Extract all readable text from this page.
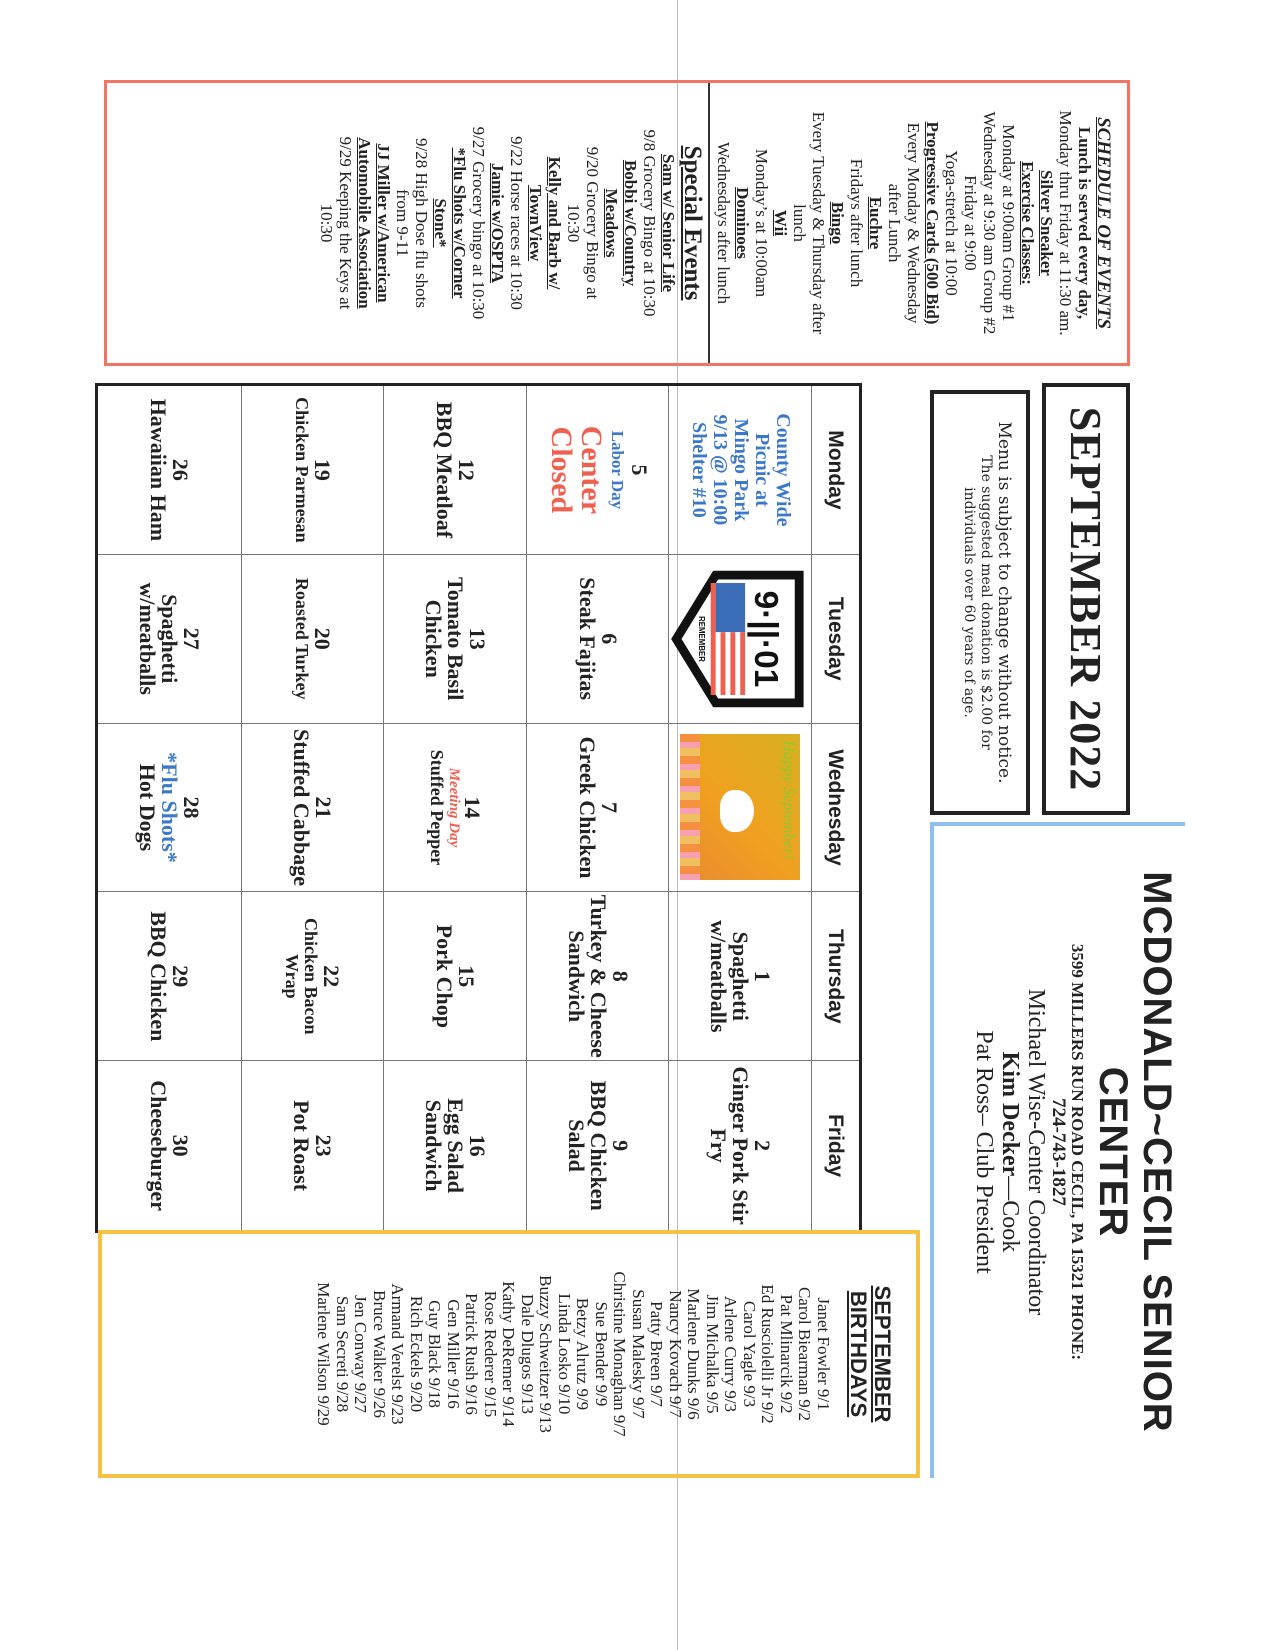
SCHEDULE OF EVENTS
Lunch is served every day,
Monday thru Friday at 11:30 am.
Silver Sneaker
Exercise Classes:
Monday at 9:00am Group #1
Wednesday at 9:30 am Group #2
Friday at 9:00
Yoga-stretch at 10:00
Progressive Cards (500 Bid)
Every Monday & Wednesday
after Lunch
Euchre
Fridays after lunch
Bingo
Every Tuesday & Thursday after
lunch
Wii
Monday’s at 10:00am
Dominoes
Wednesdays after lunch
Special Events
Sam w/ Senior Life
9/8 Grocery Bingo at 10:30
Bobbi w/Country
Meadows
9/20 Grocery Bingo at
10:30
Kelly and Barb w/
TownView
9/22 Horse races at 10:30
Jamie w/OSPTA
9/27 Grocery bingo at 10:30
*Flu Shots w/Corner
Stone*
9/28 High Dose flu shots
from 9-11
JJ Miller w/American
Automobile Association
9/29 Keeping the Keys at
10:30
SEPTEMBER 2022
Menu is subject to change without notice.
The suggested meal donation is $2.00 for
individuals over 60 years of age.
MCDONALD~CECIL SENIOR
CENTER
3599 MILLERS RUN ROAD CECIL, PA 15321 PHONE:
724-743-1827
Michael Wise-Center Coordinator
Kim Decker—Cook
Pat Ross– Club President
Monday
Tuesday
Wednesday
Thursday
Friday
County Wide
Picnic at
Mingo Park
9/13 @ 10:00
Shelter #10
9·||·01
REMEMBER
Happy September!
1
Spaghetti w/meatballs
2
Ginger Pork Stir Fry
5
Labor Day
Center Closed
6
Steak Fajitas
7
Greek Chicken
8
Turkey & Cheese Sandwich
9
BBQ Chicken Salad
12
BBQ Meatloaf
13
Tomato Basil Chicken
14
Meeting Day
Stuffed Pepper
15
Pork Chop
16
Egg Salad Sandwich
19
Chicken Parmesan
20
Roasted Turkey
21
Stuffed Cabbage
22
Chicken Bacon Wrap
23
Pot Roast
26
Hawaiian Ham
27
Spaghetti w/meatballs
28
*Flu Shots*
Hot Dogs
29
BBQ Chicken
30
Cheeseburger
SEPTEMBER
BIRTHDAYS
Janet Fowler 9/1
Carol Biearman 9/2
Pat Mlinarcik 9/2
Ed Rusciolelli Jr 9/2
Carol Yagle 9/3
Arlene Curry 9/3
Jim Michalka 9/5
Marlene Dunks 9/6
Nancy Kovach 9/7
Patty Breen 9/7
Susan Malesky 9/7
Christine Monaghan 9/7
Sue Bender 9/9
Betzy Alrutz 9/9
Linda Losko 9/10
Buzzy Schweitzer 9/13
Dale Dlugos 9/13
Kathy DeRemer 9/14
Rose Rederer 9/15
Patrick Rush 9/16
Gen Miller 9/16
Guy Black 9/18
Rich Eckels 9/20
Armand Verelst 9/23
Bruce Walker 9/26
Jen Conway 9/27
Sam Secreti 9/28
Marlene Wilson 9/29
